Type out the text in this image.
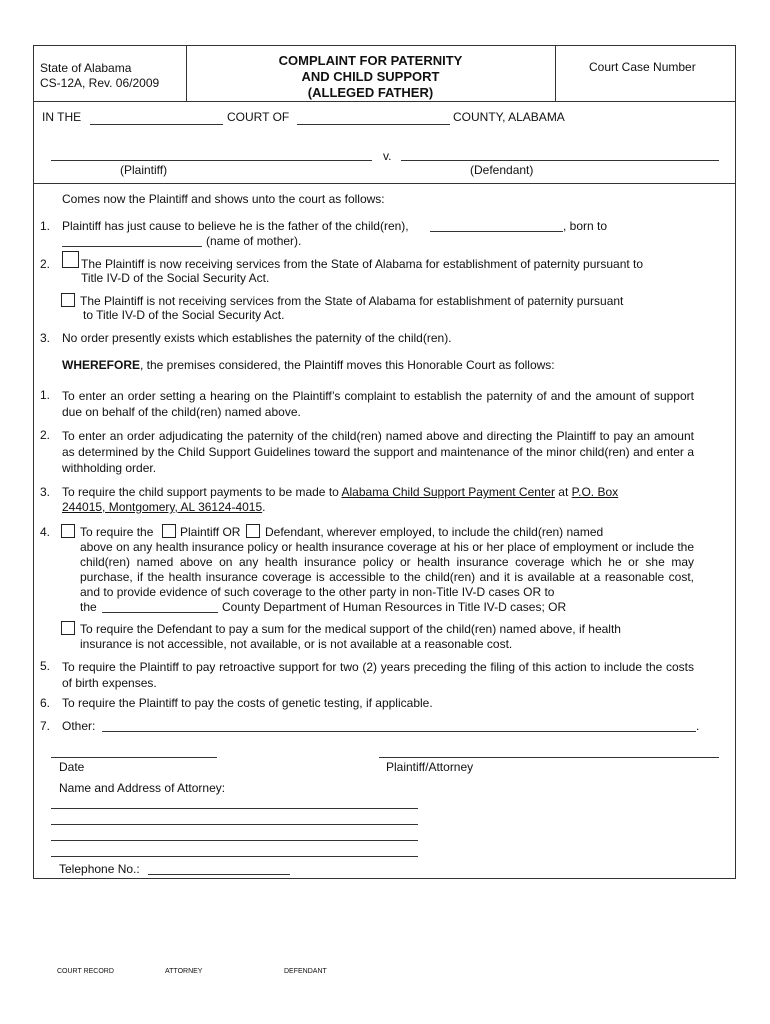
State of Alabama
CS-12A, Rev. 06/2009
COMPLAINT FOR PATERNITY
AND CHILD SUPPORT
(ALLEGED FATHER)
Court Case Number
IN THE	COURT OF	COUNTY, ALABAMA
v.
(Plaintiff)	(Defendant)
Comes now the Plaintiff and shows unto the court as follows:
1. Plaintiff has just cause to believe he is the father of the child(ren),	, born to
(name of mother).
2.	The Plaintiff is now receiving services from the State of Alabama for establishment of paternity pursuant to
Title IV-D of the Social Security Act.
The Plaintiff is not receiving services from the State of Alabama for establishment of paternity pursuant
to Title IV-D of the Social Security Act.
3. No order presently exists which establishes the paternity of the child(ren).
WHEREFORE, the premises considered, the Plaintiff moves this Honorable Court as follows:
1. To enter an order setting a hearing on the Plaintiff’s complaint to establish the paternity of and the amount of support due on behalf of the child(ren) named above.
2. To enter an order adjudicating the paternity of the child(ren) named above and directing the Plaintiff to pay an amount as determined by the Child Support Guidelines toward the support and maintenance of the minor child(ren) and enter a withholding order.
3. To require the child support payments to be made to Alabama Child Support Payment Center at P.O. Box
244015, Montgomery, AL 36124-4015.
4. To require the Plaintiff OR Defendant, wherever employed, to include the child(ren) named
above on any health insurance policy or health insurance coverage at his or her place of employment or include the child(ren) named above on any health insurance policy or health insurance coverage which he or she may purchase, if the health insurance coverage is accessible to the child(ren) and it is available at a reasonable cost, and to provide evidence of such coverage to the other party in non-Title IV-D cases OR to
the	County Department of Human Resources in Title IV-D cases; OR
To require the Defendant to pay a sum for the medical support of the child(ren) named above, if health
insurance is not accessible, not available, or is not available at a reasonable cost.
5. To require the Plaintiff to pay retroactive support for two (2) years preceding the filing of this action to include the costs of birth expenses.
6. To require the Plaintiff to pay the costs of genetic testing, if applicable.
7. Other:	.
Date	Plaintiff/Attorney
Name and Address of Attorney:
Telephone No.:
COURT RECORD	ATTORNEY	DEFENDANT
